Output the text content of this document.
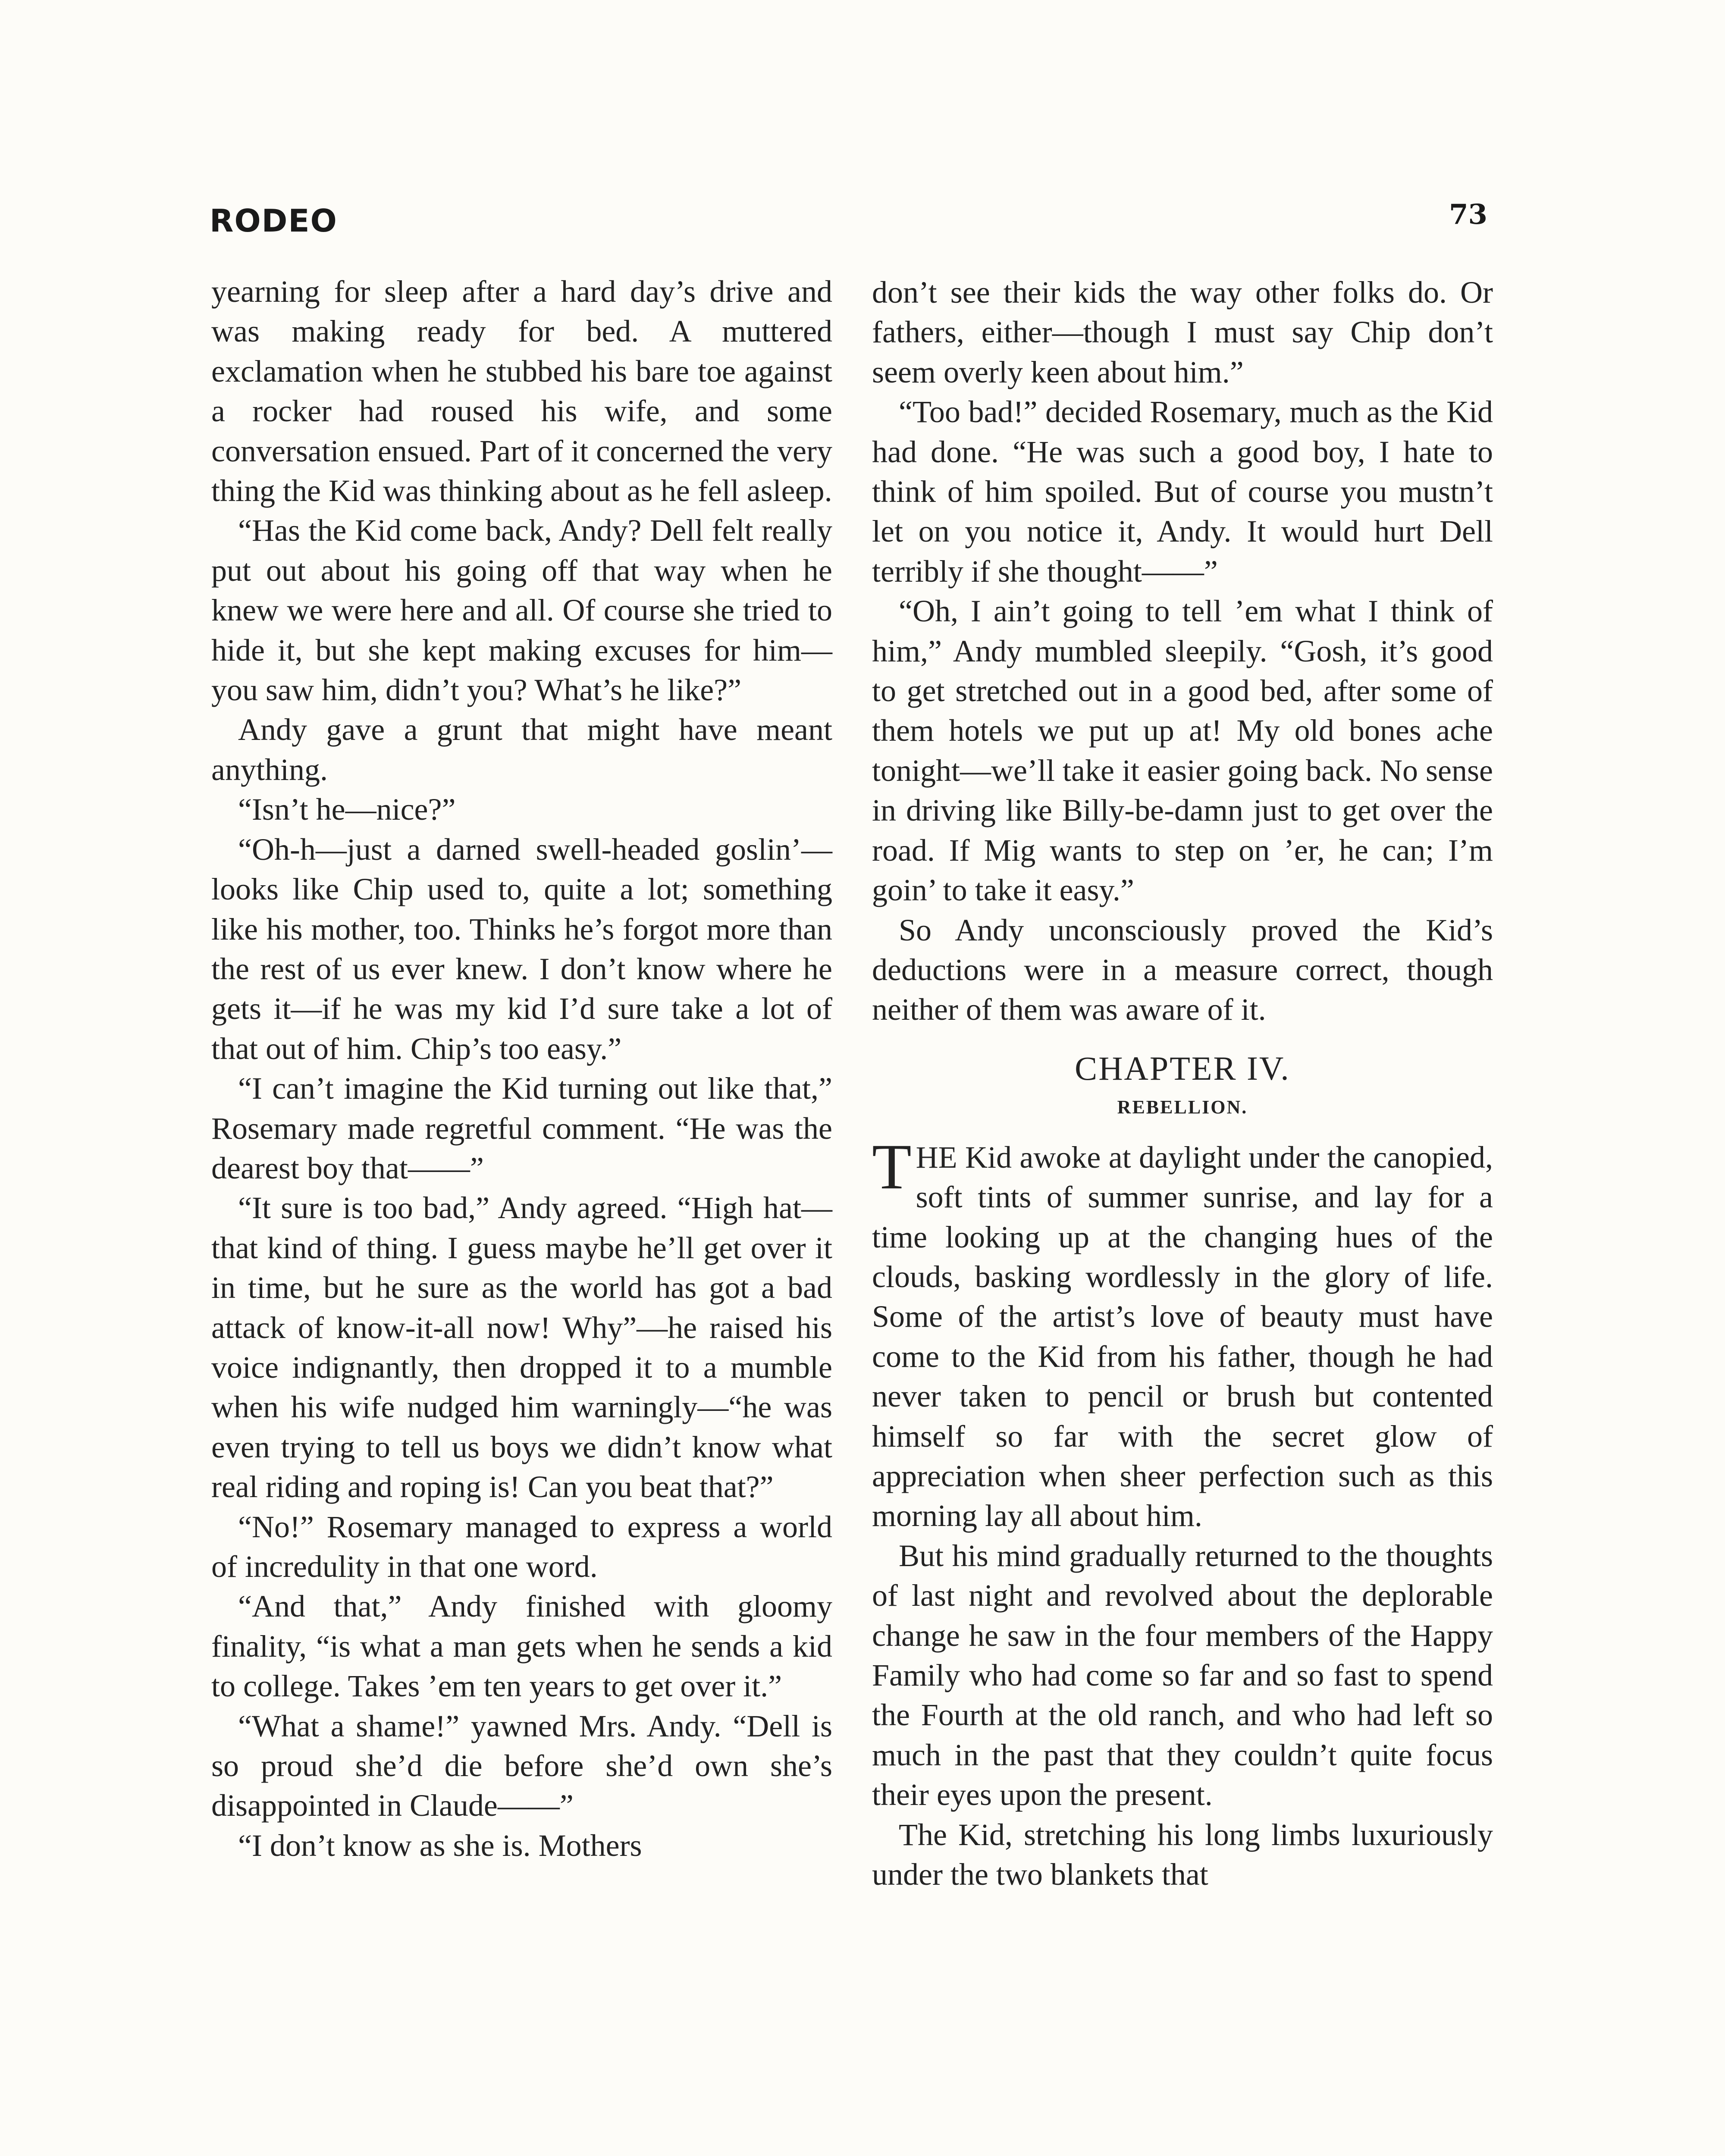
RODEO	73

yearning for sleep after a hard day’s drive and was making ready for bed. A muttered exclamation when he stubbed his bare toe against a rocker had roused his wife, and some conversation ensued. Part of it concerned the very thing the Kid was thinking about as he fell asleep.

“Has the Kid come back, Andy? Dell felt really put out about his going off that way when he knew we were here and all. Of course she tried to hide it, but she kept making excuses for him—you saw him, didn’t you? What’s he like?”

Andy gave a grunt that might have meant anything.

“Isn’t he—nice?”

“Oh-h—just a darned swell-headed goslin’—looks like Chip used to, quite a lot; something like his mother, too. Thinks he’s forgot more than the rest of us ever knew. I don’t know where he gets it—if he was my kid I’d sure take a lot of that out of him. Chip’s too easy.”

“I can’t imagine the Kid turning out like that,” Rosemary made regretful comment. “He was the dearest boy that——”

“It sure is too bad,” Andy agreed. “High hat—that kind of thing. I guess maybe he’ll get over it in time, but he sure as the world has got a bad attack of know-it-all now! Why”—he raised his voice indignantly, then dropped it to a mumble when his wife nudged him warningly—“he was even trying to tell us boys we didn’t know what real riding and roping is! Can you beat that?”

“No!” Rosemary managed to express a world of incredulity in that one word.

“And that,” Andy finished with gloomy finality, “is what a man gets when he sends a kid to college. Takes ’em ten years to get over it.”

“What a shame!” yawned Mrs. Andy. “Dell is so proud she’d die before she’d own she’s disappointed in Claude——”

“I don’t know as she is. Mothers

don’t see their kids the way other folks do. Or fathers, either—though I must say Chip don’t seem overly keen about him.”

“Too bad!” decided Rosemary, much as the Kid had done. “He was such a good boy, I hate to think of him spoiled. But of course you mustn’t let on you notice it, Andy. It would hurt Dell terribly if she thought——”

“Oh, I ain’t going to tell ’em what I think of him,” Andy mumbled sleepily. “Gosh, it’s good to get stretched out in a good bed, after some of them hotels we put up at! My old bones ache tonight—we’ll take it easier going back. No sense in driving like Billy-be-damn just to get over the road. If Mig wants to step on ’er, he can; I’m goin’ to take it easy.”

So Andy unconsciously proved the Kid’s deductions were in a measure correct, though neither of them was aware of it.

CHAPTER IV.
REBELLION.

THE Kid awoke at daylight under the canopied, soft tints of summer sunrise, and lay for a time looking up at the changing hues of the clouds, basking wordlessly in the glory of life. Some of the artist’s love of beauty must have come to the Kid from his father, though he had never taken to pencil or brush but contented himself so far with the secret glow of appreciation when sheer perfection such as this morning lay all about him.

But his mind gradually returned to the thoughts of last night and revolved about the deplorable change he saw in the four members of the Happy Family who had come so far and so fast to spend the Fourth at the old ranch, and who had left so much in the past that they couldn’t quite focus their eyes upon the present.

The Kid, stretching his long limbs luxuriously under the two blankets that
